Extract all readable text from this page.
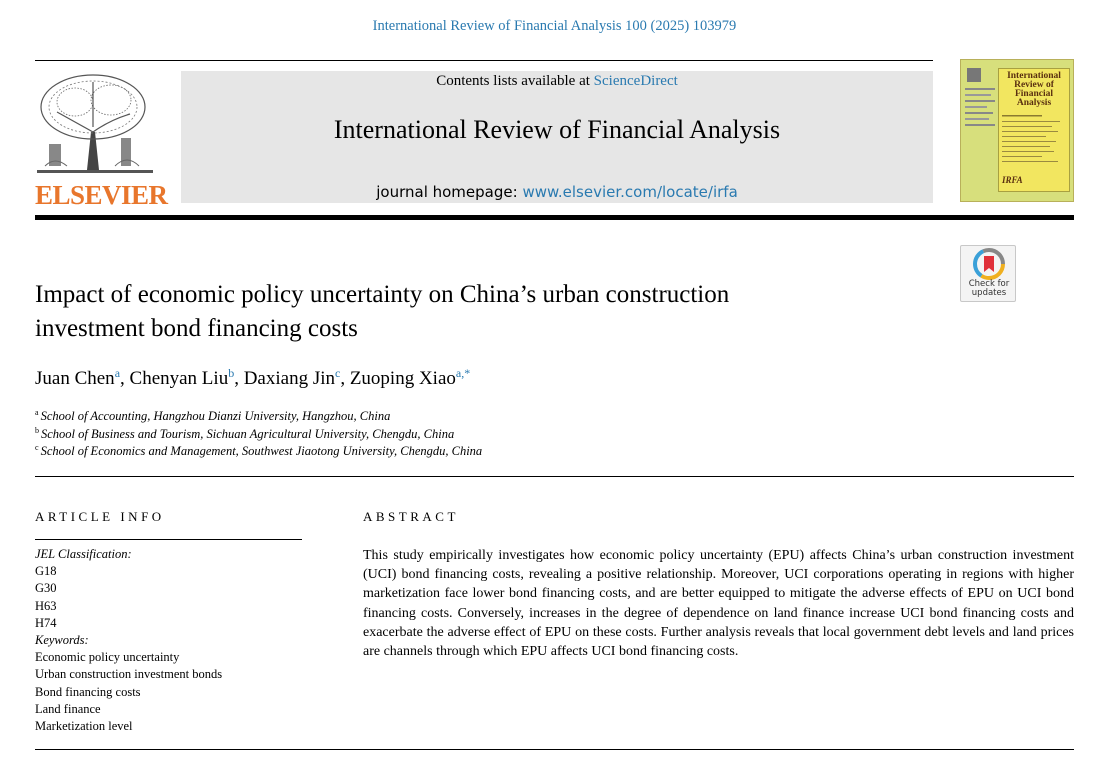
International Review of Financial Analysis 100 (2025) 103979
ELSEVIER
Contents lists available at ScienceDirect
International Review of Financial Analysis
journal homepage: www.elsevier.com/locate/irfa
International
Review of
Financial
Analysis
IRFA
Check for
updates
Impact of economic policy uncertainty on China’s urban construction
investment bond financing costs
Juan Chen$^a$, Chenyan Liu$^b$, Daxiang Jin$^c$, Zuoping Xiao$^{a,*}$
$^a$ School of Accounting, Hangzhou Dianzi University, Hangzhou, China
$^b$ School of Business and Tourism, Sichuan Agricultural University, Chengdu, China
$^c$ School of Economics and Management, Southwest Jiaotong University, Chengdu, China
ARTICLE INFO
JEL Classification:
G18
G30
H63
H74
Keywords:
Economic policy uncertainty
Urban construction investment bonds
Bond financing costs
Land finance
Marketization level
ABSTRACT
This study empirically investigates how economic policy uncertainty (EPU) affects China’s urban construction investment (UCI) bond financing costs, revealing a positive relationship. Moreover, UCI corporations operating in regions with higher marketization face lower bond financing costs, and are better equipped to mitigate the adverse effects of EPU on UCI bond financing costs. Conversely, increases in the degree of dependence on land finance increase UCI bond financing costs and exacerbate the adverse effect of EPU on these costs. Further analysis reveals that local government debt levels and land prices are channels through which EPU affects UCI bond financing costs.
